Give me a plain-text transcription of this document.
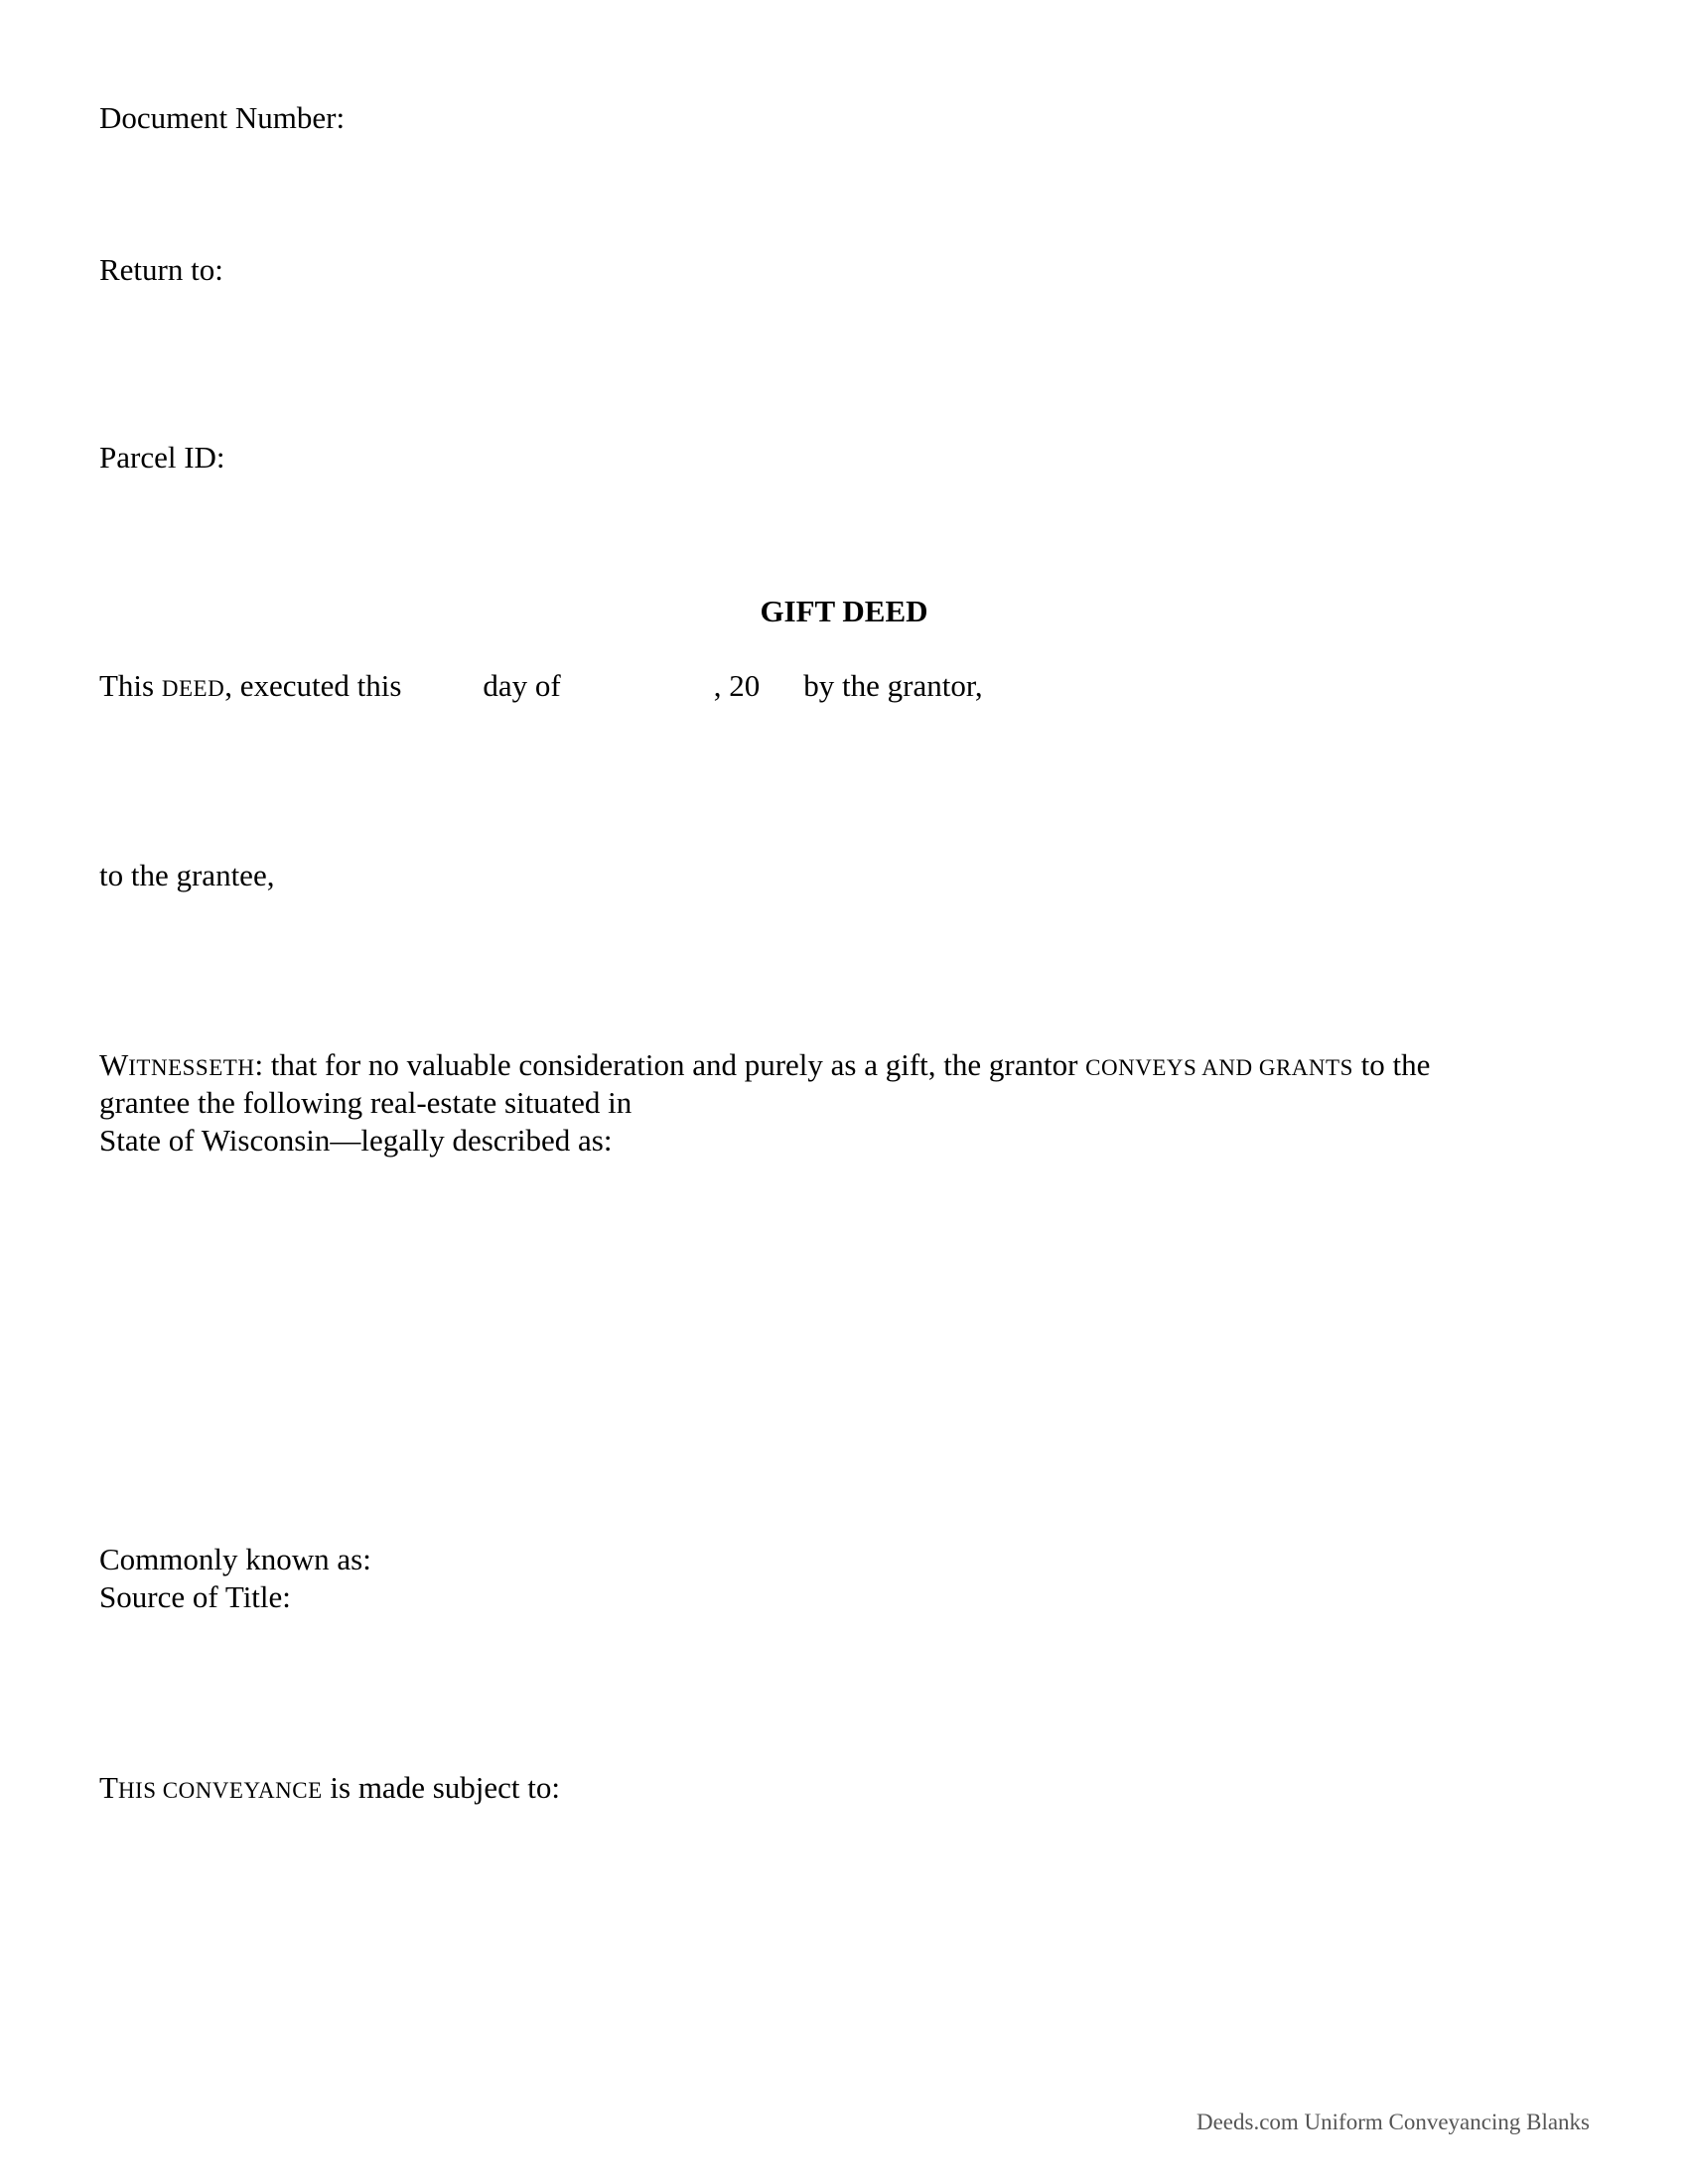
Document Number:
Return to:
Parcel ID:
GIFT DEED
This DEED, executed this	day of	, 20 by the grantor,
to the grantee,
WITNESSETH: that for no valuable consideration and purely as a gift, the grantor CONVEYS AND GRANTS to the
grantee the following real-estate situated in
State of Wisconsin—legally described as:
Commonly known as:
Source of Title:
THIS CONVEYANCE is made subject to:
Deeds.com Uniform Conveyancing Blanks
